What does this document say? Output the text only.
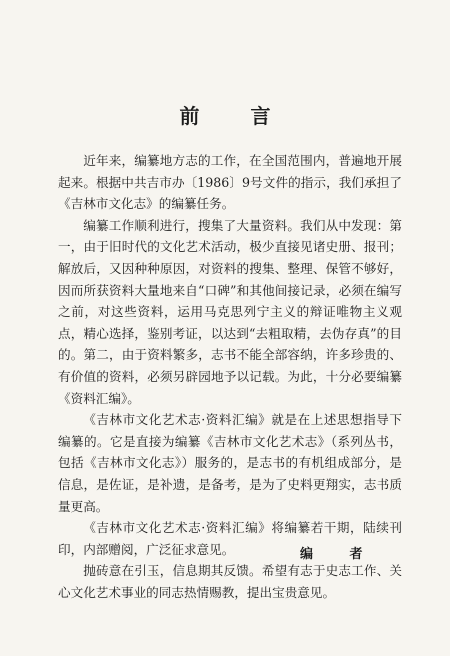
前 言

近年来，编纂地方志的工作，在全国范围内，普遍地开展起来。根据中共吉市办〔1986〕9号文件的指示，我们承担了《吉林市文化志》的编纂任务。

编纂工作顺利进行，搜集了大量资料。我们从中发现：第一，由于旧时代的文化艺术活动，极少直接见诸史册、报刊；解放后，又因种种原因，对资料的搜集、整理、保管不够好，因而所获资料大量地来自“口碑”和其他间接记录，必须在编写之前，对这些资料，运用马克思列宁主义的辩证唯物主义观点，精心选择，鉴别考证，以达到“去粗取精，去伪存真”的目的。第二，由于资料繁多，志书不能全部容纳，许多珍贵的、有价值的资料，必须另辟园地予以记载。为此，十分必要编纂《资料汇编》。

《吉林市文化艺术志·资料汇编》就是在上述思想指导下编纂的。它是直接为编纂《吉林市文化艺术志》（系列丛书，包括《吉林市文化志》）服务的，是志书的有机组成部分，是信息，是佐证，是补遗，是备考，是为了史料更翔实，志书质量更高。

《吉林市文化艺术志·资料汇编》将编纂若干期，陆续刊印，内部赠阅，广泛征求意见。

抛砖意在引玉，信息期其反馈。希望有志于史志工作、关心文化艺术事业的同志热情赐教，提出宝贵意见。

编 者
